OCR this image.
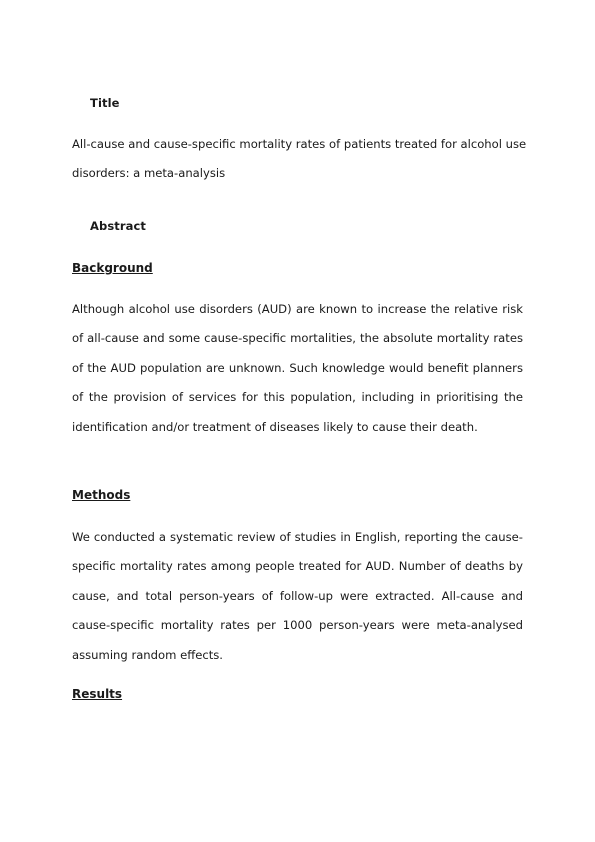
Title

All-cause and cause-specific mortality rates of patients treated for alcohol use disorders: a meta-analysis

Abstract
Background

Although alcohol use disorders (AUD) are known to increase the relative risk of all-cause and some cause-specific mortalities, the absolute mortality rates of the AUD population are unknown. Such knowledge would benefit planners of the provision of services for this population, including in prioritising the identification and/or treatment of diseases likely to cause their death.

Methods

We conducted a systematic review of studies in English, reporting the cause-specific mortality rates among people treated for AUD. Number of deaths by cause, and total person-years of follow-up were extracted. All-cause and cause-specific mortality rates per 1000 person-years were meta-analysed assuming random effects.

Results
